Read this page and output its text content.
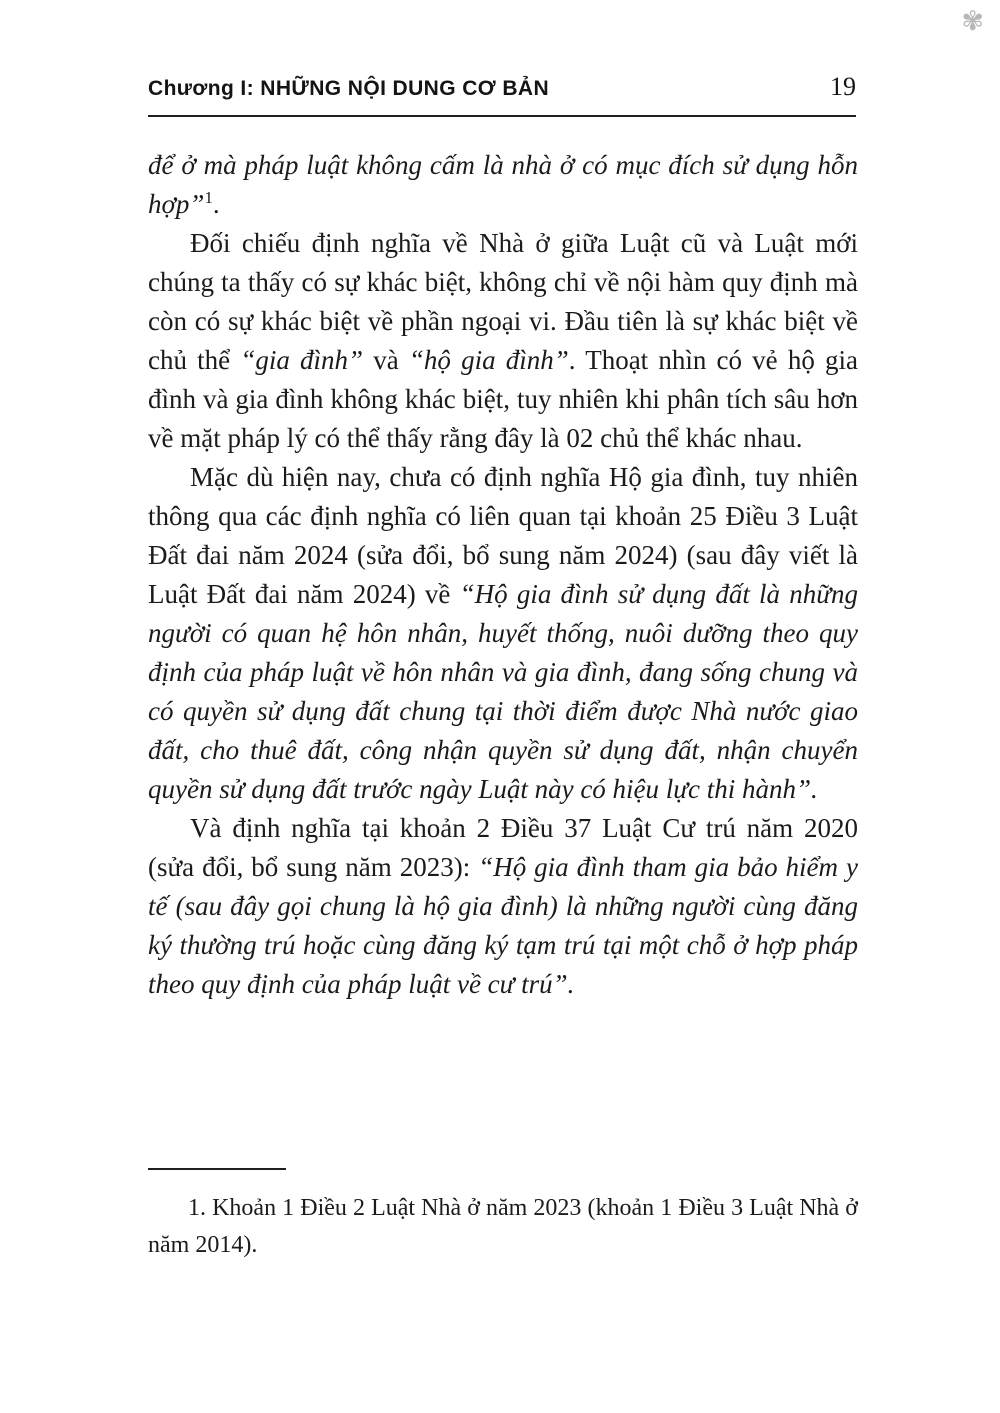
✾
Chương I: NHỮNG NỘI DUNG CƠ BẢN	19

để ở mà pháp luật không cấm là nhà ở có mục đích sử dụng hỗn hợp”$^1$.

Đối chiếu định nghĩa về Nhà ở giữa Luật cũ và Luật mới chúng ta thấy có sự khác biệt, không chỉ về nội hàm quy định mà còn có sự khác biệt về phần ngoại vi. Đầu tiên là sự khác biệt về chủ thể “gia đình” và “hộ gia đình”. Thoạt nhìn có vẻ hộ gia đình và gia đình không khác biệt, tuy nhiên khi phân tích sâu hơn về mặt pháp lý có thể thấy rằng đây là 02 chủ thể khác nhau.

Mặc dù hiện nay, chưa có định nghĩa Hộ gia đình, tuy nhiên thông qua các định nghĩa có liên quan tại khoản 25 Điều 3 Luật Đất đai năm 2024 (sửa đổi, bổ sung năm 2024) (sau đây viết là Luật Đất đai năm 2024) về “Hộ gia đình sử dụng đất là những người có quan hệ hôn nhân, huyết thống, nuôi dưỡng theo quy định của pháp luật về hôn nhân và gia đình, đang sống chung và có quyền sử dụng đất chung tại thời điểm được Nhà nước giao đất, cho thuê đất, công nhận quyền sử dụng đất, nhận chuyển quyền sử dụng đất trước ngày Luật này có hiệu lực thi hành”.

Và định nghĩa tại khoản 2 Điều 37 Luật Cư trú năm 2020 (sửa đổi, bổ sung năm 2023): “Hộ gia đình tham gia bảo hiểm y tế (sau đây gọi chung là hộ gia đình) là những người cùng đăng ký thường trú hoặc cùng đăng ký tạm trú tại một chỗ ở hợp pháp theo quy định của pháp luật về cư trú”.

1. Khoản 1 Điều 2 Luật Nhà ở năm 2023 (khoản 1 Điều 3 Luật Nhà ở năm 2014).
